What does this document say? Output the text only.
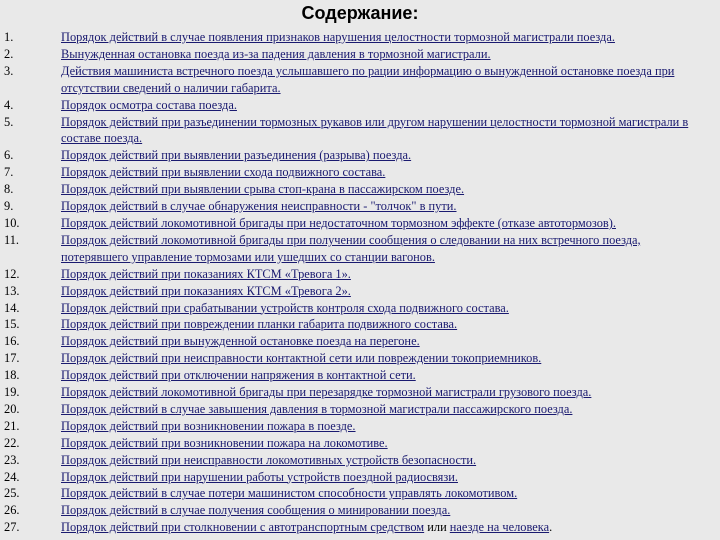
Содержание:
1.	Порядок действий в случае появления признаков нарушения целостности тормозной магистрали поезда.
2.	Вынужденная остановка поезда из-за падения давления в тормозной магистрали.
3.	Действия машиниста встречного поезда услышавшего по рации информацию о вынужденной остановке поезда при отсутствии сведений о наличии габарита.
4.	Порядок осмотра состава поезда.
5.	Порядок действий при разъединении тормозных рукавов или другом нарушении целостности тормозной магистрали в составе поезда.
6.	Порядок действий при выявлении разъединения (разрыва) поезда.
7.	Порядок действий при выявлении схода подвижного состава.
8.	Порядок действий при выявлении срыва стоп-крана в пассажирском поезде.
9.	Порядок действий в случае обнаружения неисправности - "толчок" в пути.
10.	Порядок действий локомотивной бригады при недостаточном тормозном эффекте (отказе автотормозов).
11.	Порядок действий локомотивной бригады при получении сообщения о следовании на них встречного поезда, потерявшего управление тормозами или ушедших со станции вагонов.
12.	Порядок действий при показаниях КТСМ «Тревога 1».
13.	Порядок действий при показаниях КТСМ «Тревога 2».
14.	Порядок действий при срабатывании устройств контроля схода подвижного состава.
15.	Порядок действий при повреждении планки габарита подвижного состава.
16.	Порядок действий при вынужденной остановке поезда на перегоне.
17.	Порядок действий при неисправности контактной сети или повреждении токоприемников.
18.	Порядок действий при отключении напряжения в контактной сети.
19.	Порядок действий локомотивной бригады при перезарядке тормозной магистрали грузового поезда.
20.	Порядок действий в случае завышения давления в тормозной магистрали пассажирского поезда.
21.	Порядок действий при возникновении пожара в поезде.
22.	Порядок действий при возникновении пожара на локомотиве.
23.	Порядок действий при неисправности локомотивных устройств безопасности.
24.	Порядок действий при нарушении работы устройств поездной радиосвязи.
25.	Порядок действий в случае потери машинистом способности управлять локомотивом.
26.	Порядок действий в случае получения сообщения о минировании поезда.
27.	Порядок действий при столкновении с автотранспортным средством или наезде на человека.
